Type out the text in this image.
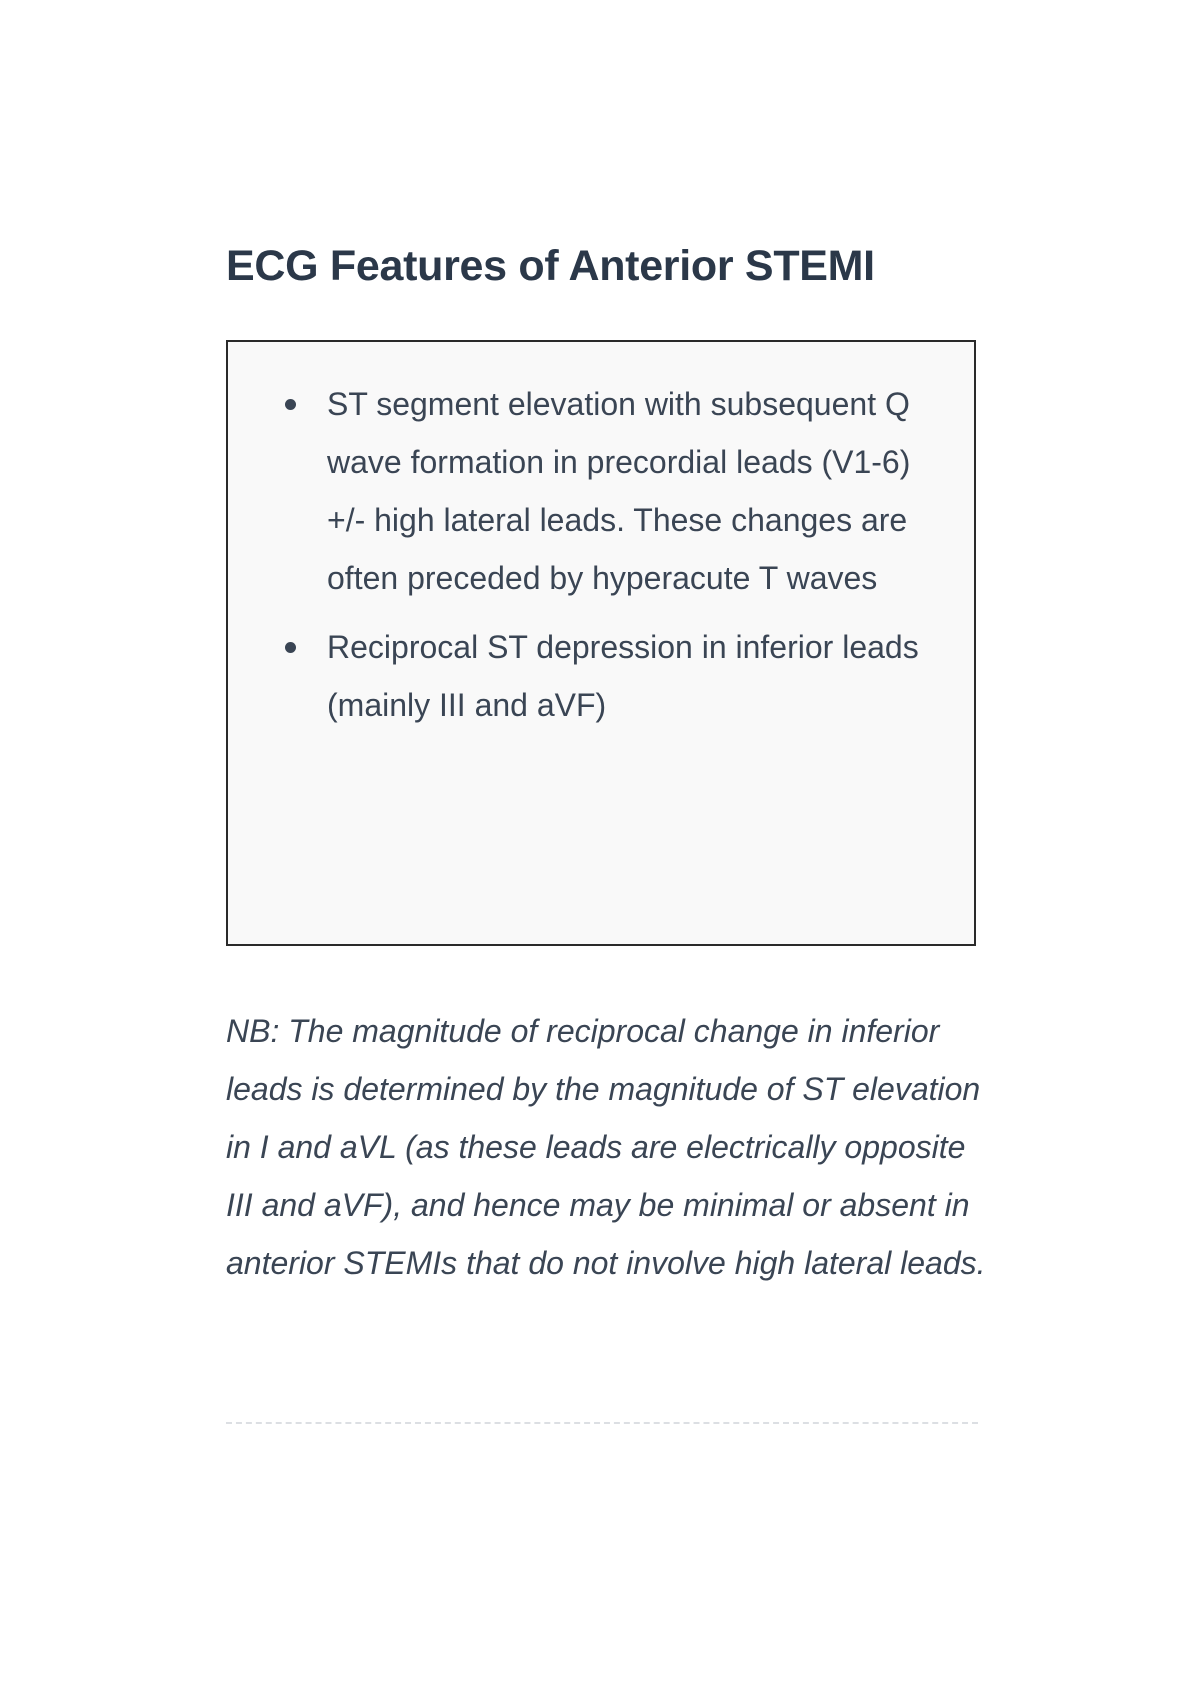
ECG Features of Anterior STEMI
ST segment elevation with subsequent Q wave formation in precordial leads (V1-6) +/- high lateral leads. These changes are often preceded by hyperacute T waves
Reciprocal ST depression in inferior leads (mainly III and aVF)

NB: The magnitude of reciprocal change in inferior leads is determined by the magnitude of ST elevation in I and aVL (as these leads are electrically opposite III and aVF), and hence may be minimal or absent in anterior STEMIs that do not involve high lateral leads.
